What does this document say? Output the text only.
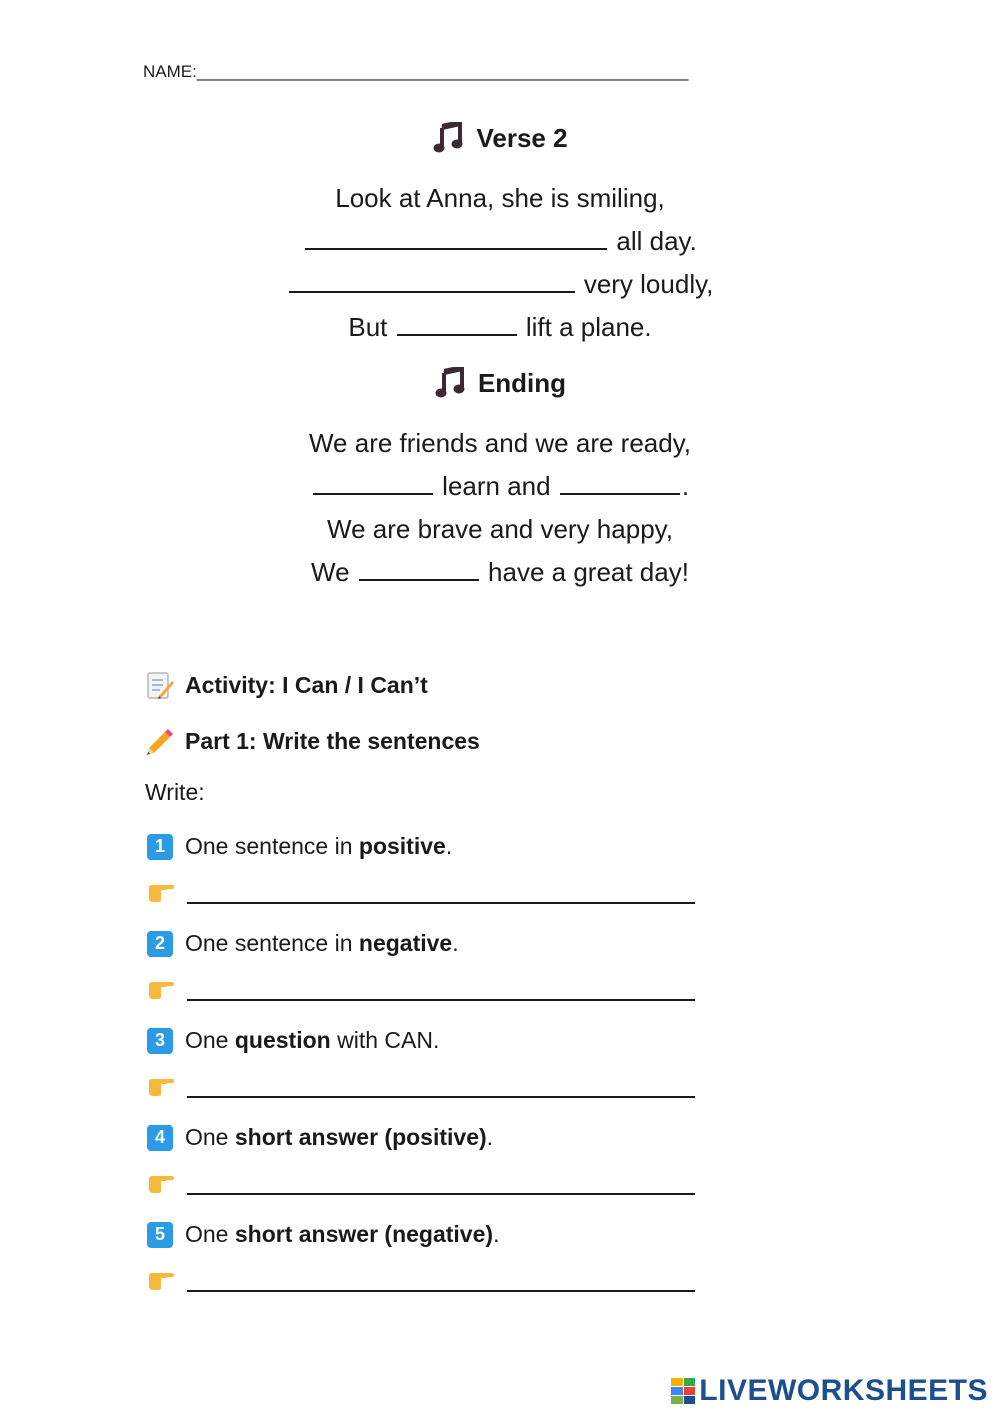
NAME:____________________________________________________
Verse 2
Look at Anna, she is smiling,
all day.
very loudly,
But	lift a plane.
Ending
We are friends and we are ready,
learn and	.
We are brave and very happy,
We	have a great day!
Activity: I Can / I Can’t
Part 1: Write the sentences
Write:
1 One sentence in positive.
2 One sentence in negative.
3 One question with CAN.
4 One short answer (positive).
5 One short answer (negative).
LIVEWORKSHEETS
